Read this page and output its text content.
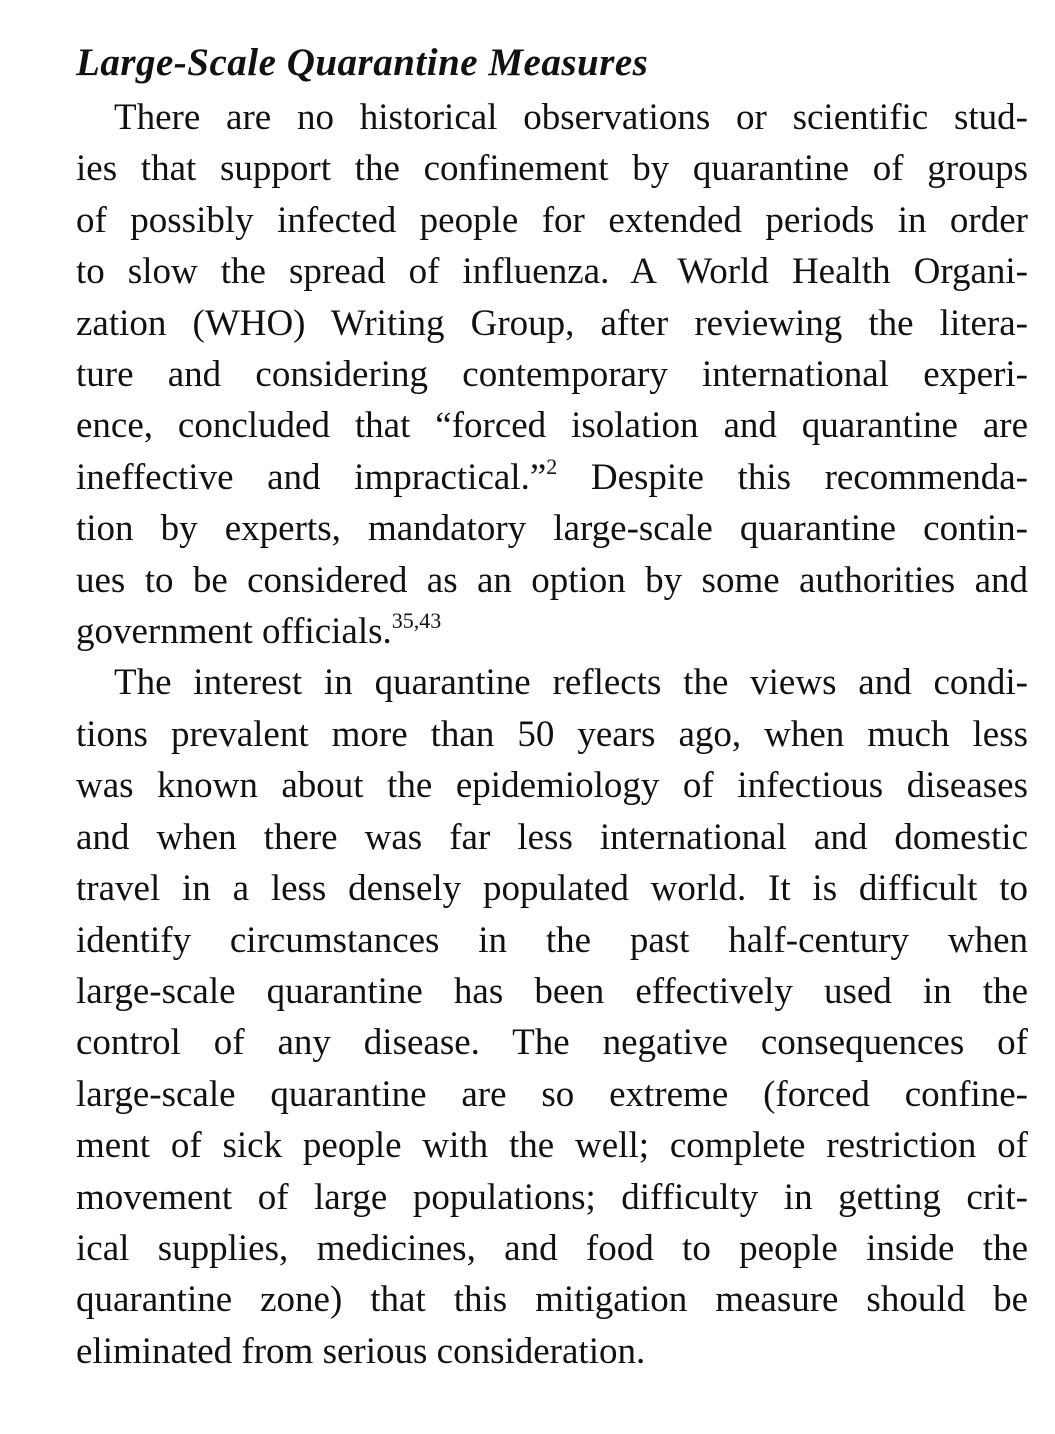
Large-Scale Quarantine Measures

There are no historical observations or scientific stud-
ies that support the confinement by quarantine of groups
of possibly infected people for extended periods in order
to slow the spread of influenza. A World Health Organi-
zation (WHO) Writing Group, after reviewing the litera-
ture and considering contemporary international experi-
ence, concluded that “forced isolation and quarantine are
ineffective and impractical.”$^2$ Despite this recommenda-
tion by experts, mandatory large-scale quarantine contin-
ues to be considered as an option by some authorities and
government officials.$^{35,43}$

The interest in quarantine reflects the views and condi-
tions prevalent more than 50 years ago, when much less
was known about the epidemiology of infectious diseases
and when there was far less international and domestic
travel in a less densely populated world. It is difficult to
identify circumstances in the past half-century when
large-scale quarantine has been effectively used in the
control of any disease. The negative consequences of
large-scale quarantine are so extreme (forced confine-
ment of sick people with the well; complete restriction of
movement of large populations; difficulty in getting crit-
ical supplies, medicines, and food to people inside the
quarantine zone) that this mitigation measure should be
eliminated from serious consideration.
